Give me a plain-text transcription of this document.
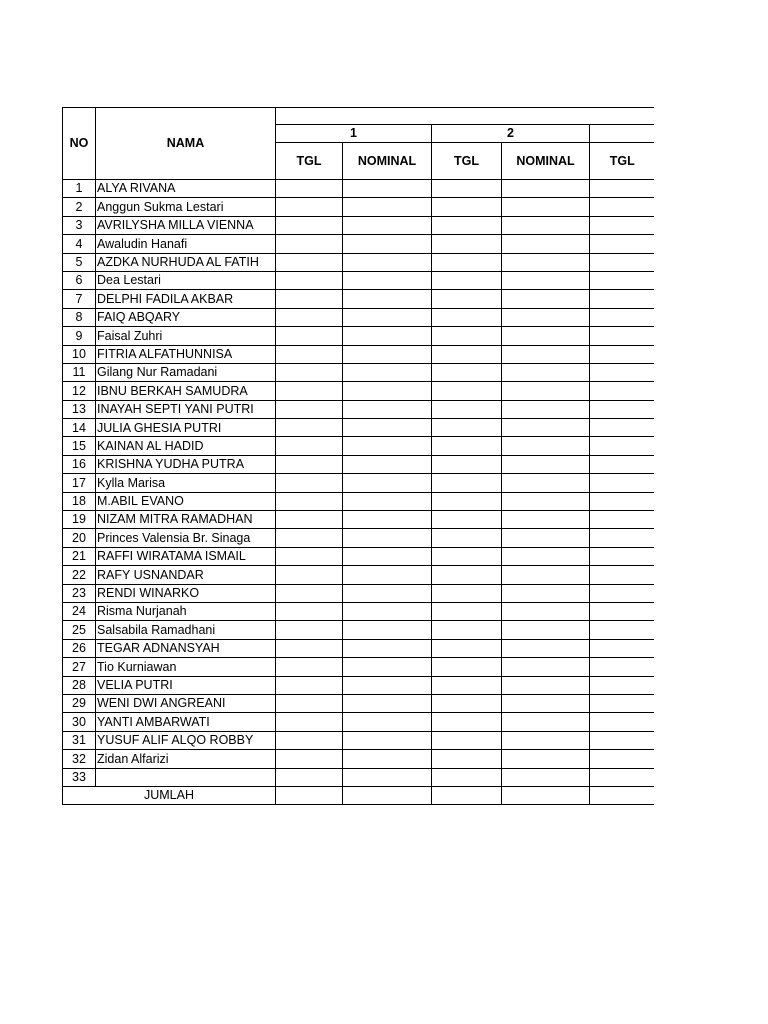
NO	NAMA					
		1		2		
		TGL	NOMINAL	TGL	NOMINAL	TGL
1	ALYA RIVANA					
2	Anggun Sukma Lestari					
3	AVRILYSHA MILLA VIENNA					
4	Awaludin Hanafi					
5	AZDKA NURHUDA AL FATIH					
6	Dea Lestari					
7	DELPHI FADILA AKBAR					
8	FAIQ ABQARY					
9	Faisal Zuhri					
10	FITRIA ALFATHUNNISA					
11	Gilang Nur Ramadani					
12	IBNU BERKAH SAMUDRA					
13	INAYAH SEPTI YANI PUTRI					
14	JULIA GHESIA PUTRI					
15	KAINAN AL HADID					
16	KRISHNA YUDHA PUTRA					
17	Kylla Marisa					
18	M.ABIL EVANO					
19	NIZAM MITRA RAMADHAN					
20	Princes Valensia Br. Sinaga					
21	RAFFI WIRATAMA ISMAIL					
22	RAFY USNANDAR					
23	RENDI WINARKO					
24	Risma Nurjanah					
25	Salsabila Ramadhani					
26	TEGAR ADNANSYAH					
27	Tio Kurniawan					
28	VELIA PUTRI					
29	WENI DWI ANGREANI					
30	YANTI AMBARWATI					
31	YUSUF ALIF ALQO ROBBY					
32	Zidan Alfarizi					
33						
JUMLAH						
